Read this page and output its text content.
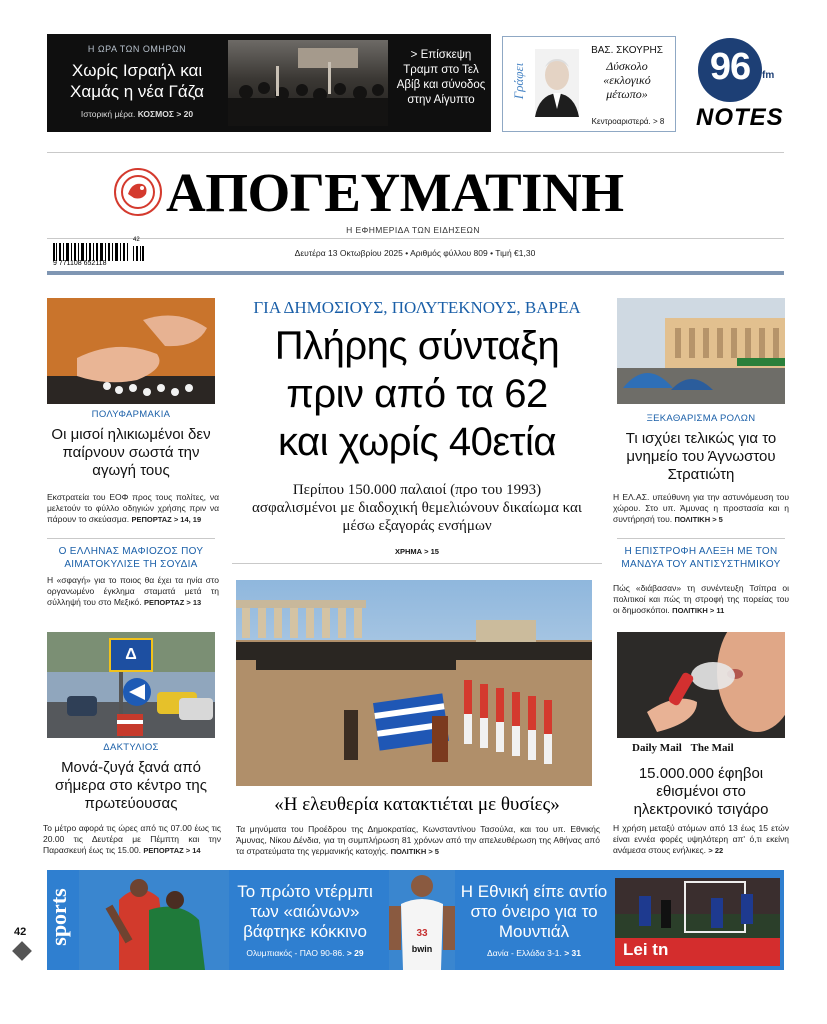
Η ΩΡΑ ΤΩΝ ΟΜΗΡΩΝ
Χωρίς Ισραήλ και Χαμάς η νέα Γάζα
Ιστορική μέρα. ΚΟΣΜΟΣ > 20
> Επίσκεψη Τραμπ στο Τελ Αβίβ και σύνοδος στην Αίγυπτο
Γράφει
ΒΑΣ. ΣΚΟΥΡΗΣ
Δύσκολο «εκλογικό μέτωπο»
Κεντροαριστερά. > 8
96	fm
NOTES
ΑΠΟΓΕΥΜΑΤΙΝΗ
Η ΕΦΗΜΕΡΙΔΑ ΤΩΝ ΕΙΔΗΣΕΩΝ
9 771108 652118
42
Δευτέρα 13 Οκτωβρίου 2025 • Αριθμός φύλλου 809 • Τιμή €1,30
ΠΟΛΥΦΑΡΜΑΚΙΑ
Οι μισοί ηλικιωμένοι δεν παίρνουν σωστά την αγωγή τους
Εκστρατεία του ΕΟΦ προς τους πολίτες, να μελετούν το φύλλο οδηγιών χρήσης πριν να πάρουν το σκεύασμα. ΡΕΠΟΡΤΑΖ > 14, 19
Ο ΕΛΛΗΝΑΣ ΜΑΦΙΟΖΟΣ ΠΟΥ ΑΙΜΑΤΟΚΥΛΙΣΕ ΤΗ ΣΟΥΔΙΑ
Η «σφαγή» για το ποιος θα έχει τα ηνία στο οργανωμένο έγκλημα σταματά μετά τη σύλληψή του στο Μεξικό. ΡΕΠΟΡΤΑΖ > 13
Δ
ΔΑΚΤΥΛΙΟΣ
Μονά-ζυγά ξανά από σήμερα στο κέντρο της πρωτεύουσας
Το μέτρο αφορά τις ώρες από τις 07.00 έως τις 20.00 τις Δευτέρα με Πέμπτη και την Παρασκευή έως τις 15.00. ΡΕΠΟΡΤΑΖ > 14
ΓΙΑ ΔΗΜΟΣΙΟΥΣ, ΠΟΛΥΤΕΚΝΟΥΣ, ΒΑΡΕΑ
Πλήρης σύνταξη
πριν από τα 62
και χωρίς 40ετία
Περίπου 150.000 παλαιοί (προ του 1993) ασφαλισμένοι με διαδοχική θεμελιώνουν δικαίωμα και μέσω εξαγοράς ενσήμων
ΧΡΗΜΑ > 15
«Η ελευθερία κατακτιέται με θυσίες»
Τα μηνύματα του Προέδρου της Δημοκρατίας, Κωνσταντίνου Τασούλα, και του υπ. Εθνικής Άμυνας, Νίκου Δένδια, για τη συμπλήρωση 81 χρόνων από την απελευθέρωση της Αθήνας από τα στρατεύματα της γερμανικής κατοχής. ΠΟΛΙΤΙΚΗ > 5
ΞΕΚΑΘΑΡΙΣΜΑ ΡΟΛΩΝ
Τι ισχύει τελικώς για το μνημείο του Άγνωστου Στρατιώτη
Η ΕΛ.ΑΣ. υπεύθυνη για την αστυνόμευση του χώρου. Στο υπ. Άμυνας η προστασία και η συντήρησή του. ΠΟΛΙΤΙΚΗ > 5
Η ΕΠΙΣΤΡΟΦΗ ΑΛΕΞΗ ΜΕ ΤΟΝ ΜΑΝΔΥΑ ΤΟΥ ΑΝΤΙΣΥΣΤΗΜΙΚΟΥ
Πώς «διάβασαν» τη συνέντευξη Τσίπρα οι πολιτικοί και πώς τη στροφή της πορείας του οι δημοσκόποι. ΠΟΛΙΤΙΚΗ > 11
Daily Mail The Mail
15.000.000 έφηβοι εθισμένοι στο ηλεκτρονικό τσιγάρο
Η χρήση μεταξύ ατόμων από 13 έως 15 ετών είναι εννέα φορές υψηλότερη απ' ό,τι εκείνη ανάμεσα στους ενήλικες. > 22
sports	Το πρώτο ντέρμπι των «αιώνων» βάφτηκε κόκκινο
Ολυμπιακός - ΠΑΟ 90-86. > 29
33
bwin
Η Εθνική είπε αντίο στο όνειρο για το Μουντιάλ
Δανία - Ελλάδα 3-1. > 31	Lei tn
42
